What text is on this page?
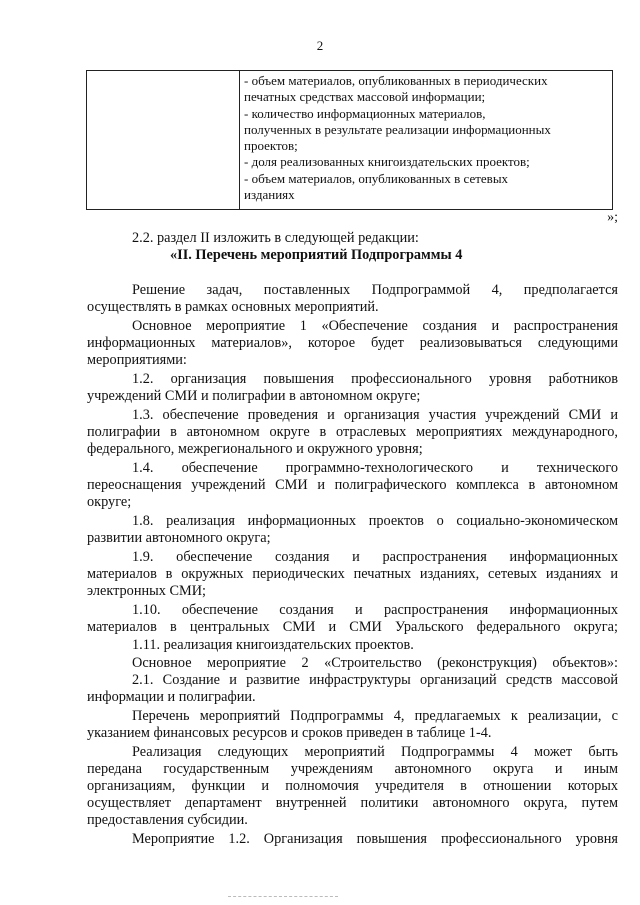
2
- объем материалов, опубликованных в периодических
печатных средствах массовой информации;
- количество информационных материалов,
полученных в результате реализации информационных
проектов;
- доля реализованных книгоиздательских проектов;
- объем материалов, опубликованных в сетевых
изданиях
»;
2.2. раздел II изложить в следующей редакции:
«II. Перечень мероприятий Подпрограммы 4
Решение задач, поставленных Подпрограммой 4, предполагается
осуществлять в рамках основных мероприятий.
Основное мероприятие 1 «Обеспечение создания и распространения
информационных материалов», которое будет реализовываться следующими
мероприятиями:
1.2. организация повышения профессионального уровня работников
учреждений СМИ и полиграфии в автономном округе;
1.3. обеспечение проведения и организация участия учреждений СМИ и
полиграфии в автономном округе в отраслевых мероприятиях международного,
федерального, межрегионального и окружного уровня;
1.4. обеспечение программно-технологического и технического
переоснащения учреждений СМИ и полиграфического комплекса в автономном
округе;
1.8. реализация информационных проектов о социально-экономическом
развитии автономного округа;
1.9. обеспечение создания и распространения информационных
материалов в окружных периодических печатных изданиях, сетевых изданиях и
электронных СМИ;
1.10. обеспечение создания и распространения информационных
материалов в центральных СМИ и СМИ Уральского федерального округа;
1.11. реализация книгоиздательских проектов.
Основное мероприятие 2 «Строительство (реконструкция) объектов»:
2.1. Создание и развитие инфраструктуры организаций средств массовой
информации и полиграфии.
Перечень мероприятий Подпрограммы 4, предлагаемых к реализации, с
указанием финансовых ресурсов и сроков приведен в таблице 1-4.
Реализация следующих мероприятий Подпрограммы 4 может быть
передана государственным учреждениям автономного округа и иным
организациям, функции и полномочия учредителя в отношении которых
осуществляет департамент внутренней политики автономного округа, путем
предоставления субсидии.
Мероприятие 1.2. Организация повышения профессионального уровня
